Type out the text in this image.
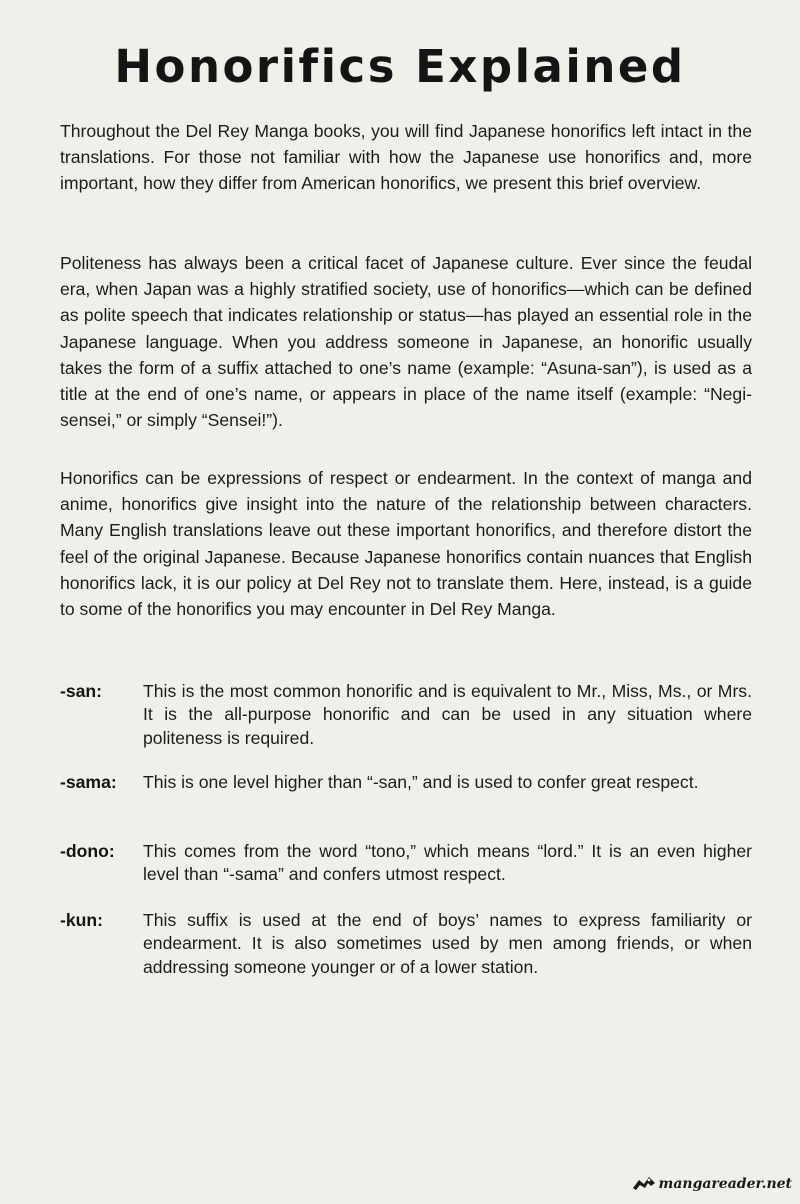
Honorifics Explained

Throughout the Del Rey Manga books, you will find Japanese honorifics left intact in the translations. For those not familiar with how the Japanese use honorifics and, more important, how they differ from American honorifics, we present this brief overview.

Politeness has always been a critical facet of Japanese culture. Ever since the feudal era, when Japan was a highly stratified society, use of honorifics—which can be defined as polite speech that indicates relationship or status—has played an essential role in the Japanese language. When you address someone in Japanese, an honorific usually takes the form of a suffix attached to one’s name (example: “Asuna-san”), is used as a title at the end of one’s name, or appears in place of the name itself (example: “Negi-sensei,” or simply “Sensei!”).

Honorifics can be expressions of respect or endearment. In the context of manga and anime, honorifics give insight into the nature of the relationship between characters. Many English translations leave out these important honorifics, and therefore distort the feel of the original Japanese. Because Japanese honorifics contain nuances that English honorifics lack, it is our policy at Del Rey not to translate them. Here, instead, is a guide to some of the honorifics you may encounter in Del Rey Manga.

-san: This is the most common honorific and is equivalent to Mr., Miss, Ms., or Mrs. It is the all-purpose honorific and can be used in any situation where politeness is required.
-sama: This is one level higher than “-san,” and is used to confer great respect.
-dono: This comes from the word “tono,” which means “lord.” It is an even higher level than “-sama” and confers utmost respect.
-kun: This suffix is used at the end of boys’ names to express familiarity or endearment. It is also sometimes used by men among friends, or when addressing someone younger or of a lower station.
mangareader.net
